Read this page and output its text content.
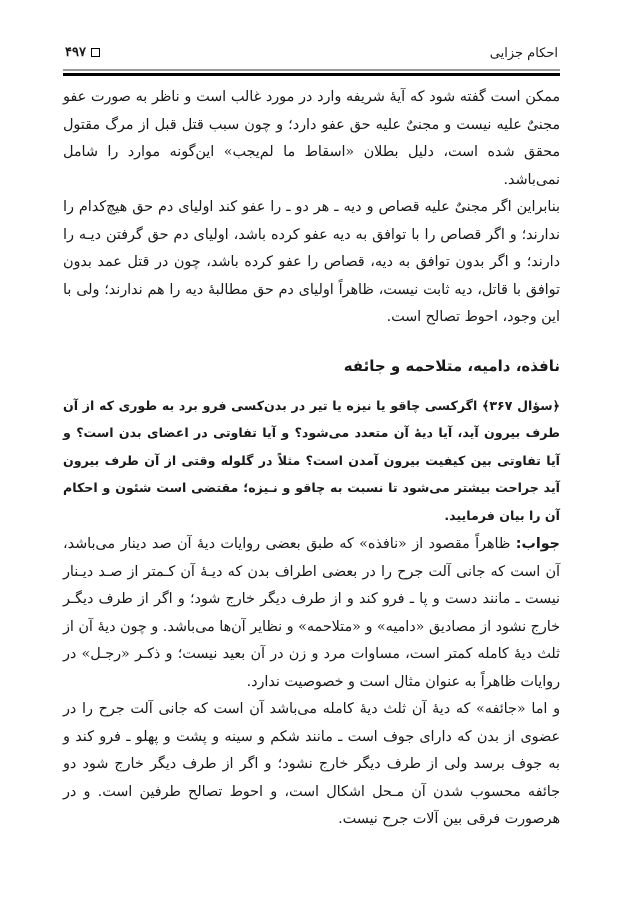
احکام جزایی
۴۹۷

ممکن است گفته شود که آیهٔ شریفه وارد در مورد غالب است و ناظر به صورت عفو مجنیٌ علیه نیست و مجنیٌ علیه حق عفو دارد؛ و چون سبب قتل قبل از مرگ مقتول محقق شده است، دلیل بطلان «اسقاط ما لم‌یجب» این‌گونه موارد را شامل نمی‌باشد.

بنابراین اگر مجنیٌ علیه قصاص و دیه ـ هر دو ـ را عفو کند اولیای دم حق هیچ‌کدام را ندارند؛ و اگر قصاص را با توافق به دیه عفو کرده باشد، اولیای دم حق گرفتن دیـه را دارند؛ و اگر بدون توافق به دیه، قصاص را عفو کرده باشد، چون در قتل عمد بدون توافق با قاتل، دیه ثابت نیست، ظاهراً اولیای دم حق مطالبهٔ دیه را هم ندارند؛ ولی با این وجود، احوط تصالح است.

نافذه، دامیه، متلاحمه و جائفه

﴿سؤال ۳۶۷﴾ اگرکسی چاقو یا نیزه یا تیر در بدن‌کسی فرو برد به طوری که از آن طرف بیرون آید، آیا دیهٔ آن متعدد می‌شود؟ و آیا تفاوتی در اعضای بدن است؟ و آیا تفاوتی بین کیفیت بیرون آمدن است؟ مثلاً در گلوله وقتی از آن طرف بیرون آید جراحت بیشتر می‌شود تا نسبت به چاقو و نـیزه؛ مقتضی است شئون و احکام آن را بیان فرمایید.

جواب: ظاهراً مقصود از «نافذه» که طبق بعضی روایات دیهٔ آن صد دینار می‌باشد، آن است که جانی آلت جرح را در بعضی اطراف بدن که دیـهٔ آن کـمتر از صـد دیـنار نیست ـ مانند دست و پا ـ فرو کند و از طرف دیگر خارج شود؛ و اگر از طرف دیگـر خارج نشود از مصادیق «دامیه» و «متلاحمه» و نظایر آن‌ها می‌باشد. و چون دیهٔ آن از ثلث دیهٔ کامله کمتر است، مساوات مرد و زن در آن بعید نیست؛ و ذکـر «رجـل» در روایات ظاهراً به عنوان مثال است و خصوصیت ندارد.

و اما «جائفه» که دیهٔ آن ثلث دیهٔ کامله می‌باشد آن است که جانی آلت جرح را در عضوی از بدن که دارای جوف است ـ مانند شکم و سینه و پشت و پهلو ـ فرو کند و به جوف برسد ولی از طرف دیگر خارج نشود؛ و اگر از طرف دیگر خارج شود دو جائفه محسوب شدن آن مـحل اشکال است، و احوط تصالح طرفین است. و در هرصورت فرقی بین آلات جرح نیست.
